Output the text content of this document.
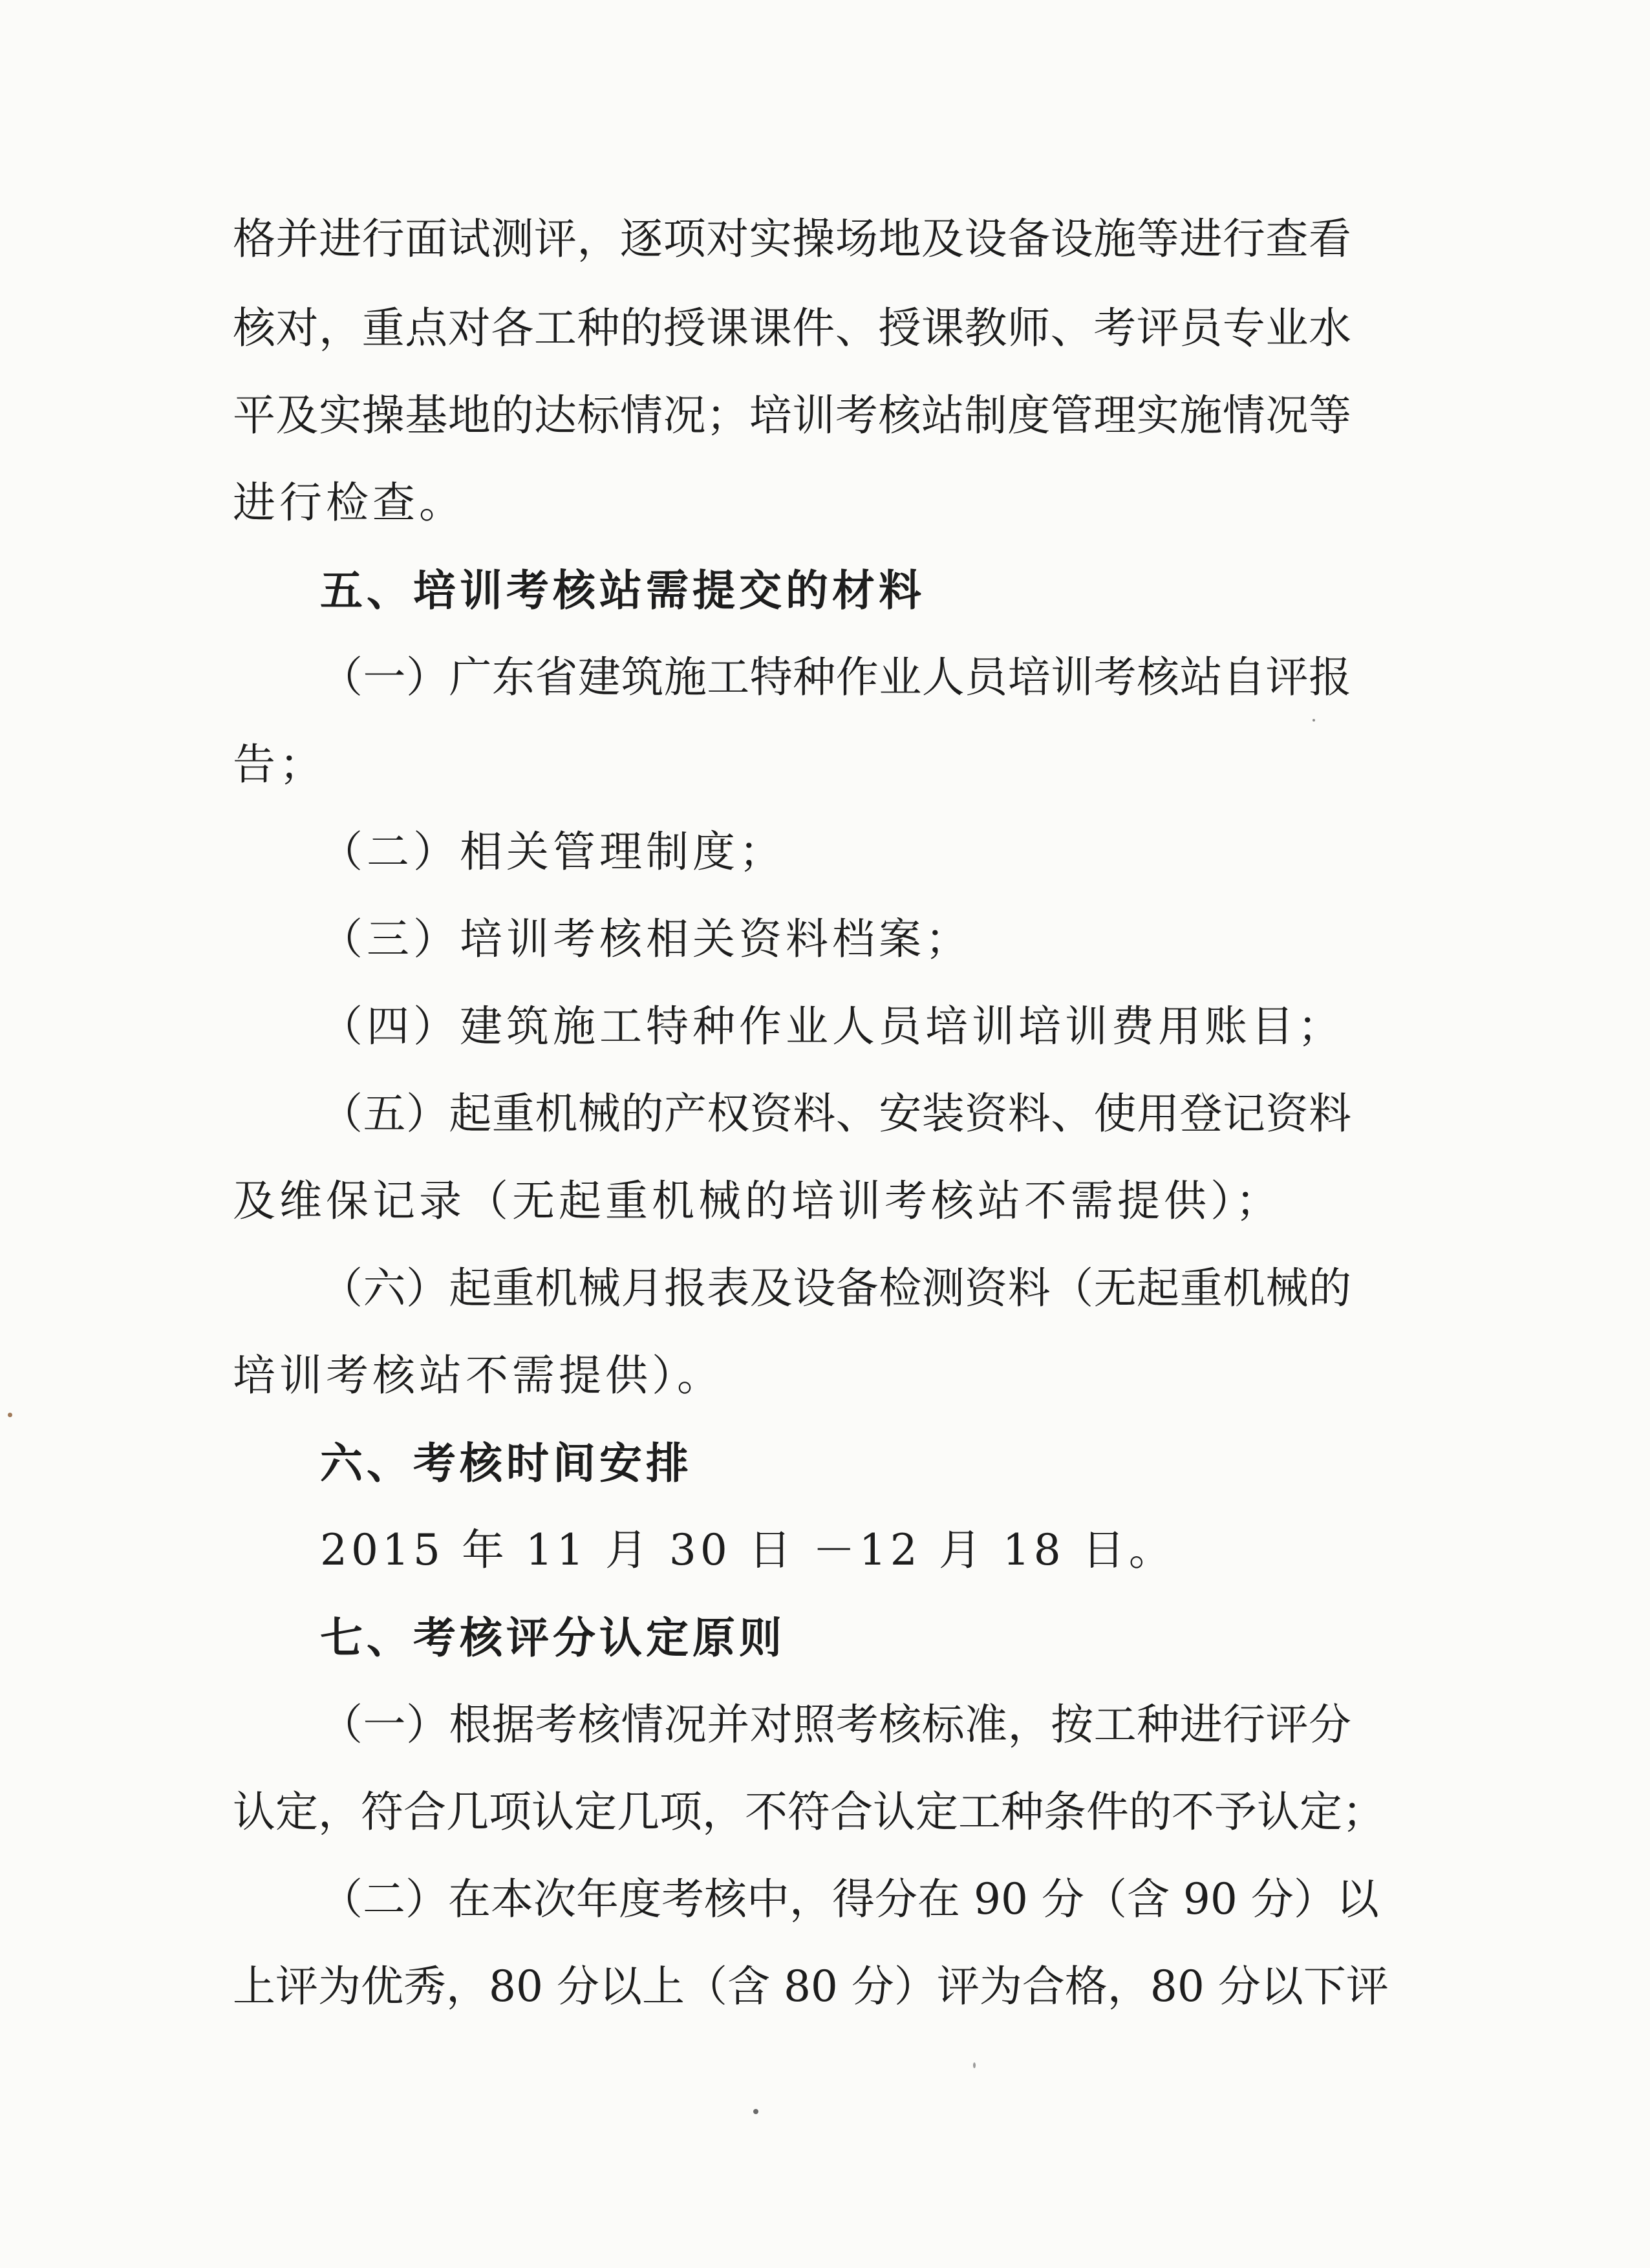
格并进行面试测评，逐项对实操场地及设备设施等进行查看
核对，重点对各工种的授课课件、授课教师、考评员专业水
平及实操基地的达标情况；培训考核站制度管理实施情况等
进行检查。
五、培训考核站需提交的材料
（一）广东省建筑施工特种作业人员培训考核站自评报
告；
（二）相关管理制度；
（三）培训考核相关资料档案；
（四）建筑施工特种作业人员培训培训费用账目；
（五）起重机械的产权资料、安装资料、使用登记资料
及维保记录（无起重机械的培训考核站不需提供）；
（六）起重机械月报表及设备检测资料（无起重机械的
培训考核站不需提供）。
六、考核时间安排
2015 年 11 月 30 日 －12 月 18 日。
七、考核评分认定原则
（一）根据考核情况并对照考核标准，按工种进行评分
认定，符合几项认定几项，不符合认定工种条件的不予认定；
（二）在本次年度考核中，得分在 90 分（含 90 分）以
上评为优秀，80 分以上（含 80 分）评为合格，80 分以下评
